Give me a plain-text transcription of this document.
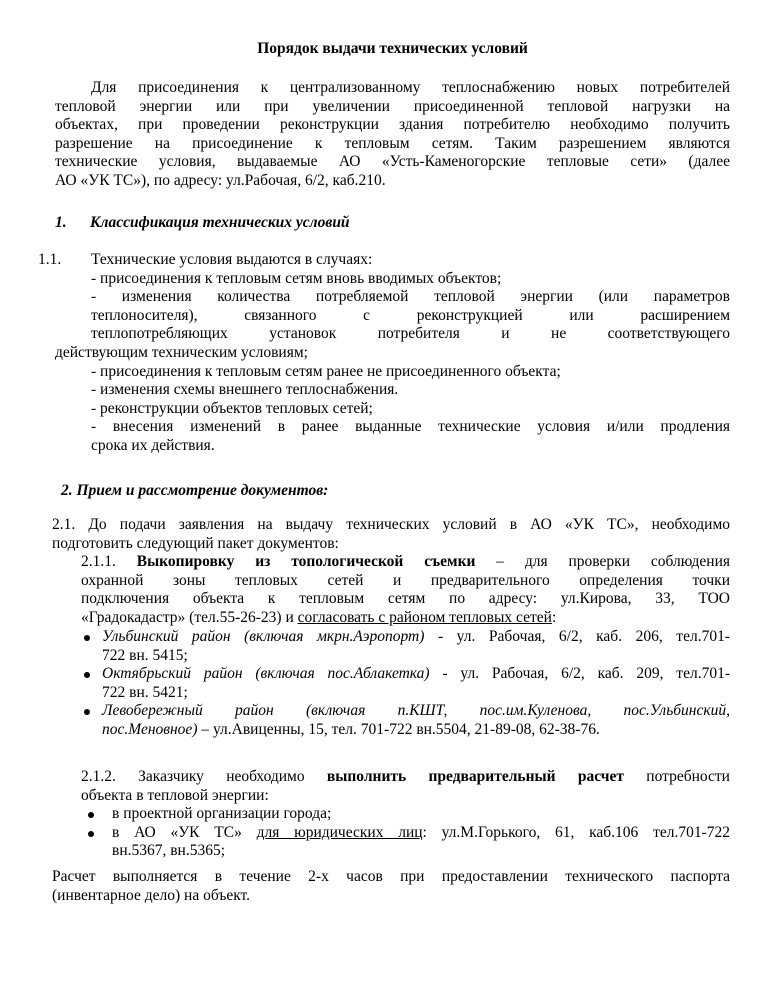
Порядок выдачи технических условий
Для присоединения к централизованному теплоснабжению новых потребителей
тепловой энергии или при увеличении присоединенной тепловой нагрузки на
объектах, при проведении реконструкции здания потребителю необходимо получить
разрешение на присоединение к тепловым сетям. Таким разрешением являются
технические условия, выдаваемые АО «Усть-Каменогорские тепловые сети» (далее
АО «УК ТС»), по адресу: ул.Рабочая, 6/2, каб.210.
1. Классификация технических условий
1.1.	Технические условия выдаются в случаях:
- присоединения к тепловым сетям вновь вводимых объектов;
- изменения количества потребляемой тепловой энергии (или параметров
теплоносителя), связанного с реконструкцией или расширением
теплопотребляющих установок потребителя и не соответствующего
действующим техническим условиям;
- присоединения к тепловым сетям ранее не присоединенного объекта;
- изменения схемы внешнего теплоснабжения.
- реконструкции объектов тепловых сетей;
- внесения изменений в ранее выданные технические условия и/или продления
срока их действия.
2. Прием и рассмотрение документов:
2.1. До подачи заявления на выдачу технических условий в АО «УК ТС», необходимо
подготовить следующий пакет документов:
2.1.1. Выкопировку из топологической съемки – для проверки соблюдения
охранной зоны тепловых сетей и предварительного определения точки
подключения объекта к тепловым сетям по адресу: ул.Кирова, 33, ТОО
«Градокадастр» (тел.55-26-23) и согласовать с районом тепловых сетей:
Ульбинский район (включая мкрн.Аэропорт) - ул. Рабочая, 6/2, каб. 206, тел.701-
722 вн. 5415;
Октябрьский район (включая пос.Аблакетка) - ул. Рабочая, 6/2, каб. 209, тел.701-
722 вн. 5421;
Левобережный район (включая п.КШТ, пос.им.Куленова, пос.Ульбинский,
пос.Меновное) – ул.Авиценны, 15, тел. 701-722 вн.5504, 21-89-08, 62-38-76.
2.1.2. Заказчику необходимо выполнить предварительный расчет потребности
объекта в тепловой энергии:
в проектной организации города;
в АО «УК ТС» для юридических лиц: ул.М.Горького, 61, каб.106 тел.701-722
вн.5367, вн.5365;
Расчет выполняется в течение 2-х часов при предоставлении технического паспорта
(инвентарное дело) на объект.
